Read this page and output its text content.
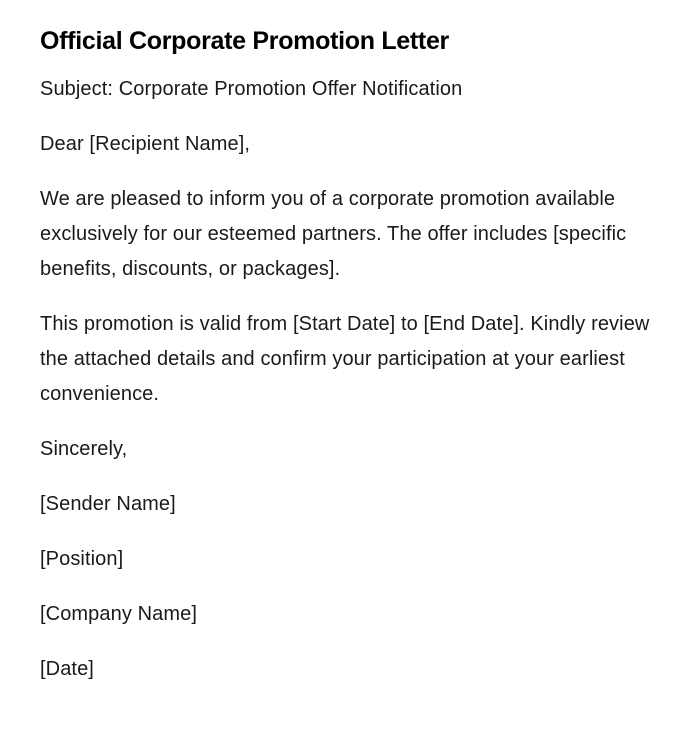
Official Corporate Promotion Letter

Subject: Corporate Promotion Offer Notification

Dear [Recipient Name],

We are pleased to inform you of a corporate promotion available exclusively for our esteemed partners. The offer includes [specific benefits, discounts, or packages].

This promotion is valid from [Start Date] to [End Date]. Kindly review the attached details and confirm your participation at your earliest convenience.

Sincerely,

[Sender Name]

[Position]

[Company Name]

[Date]
